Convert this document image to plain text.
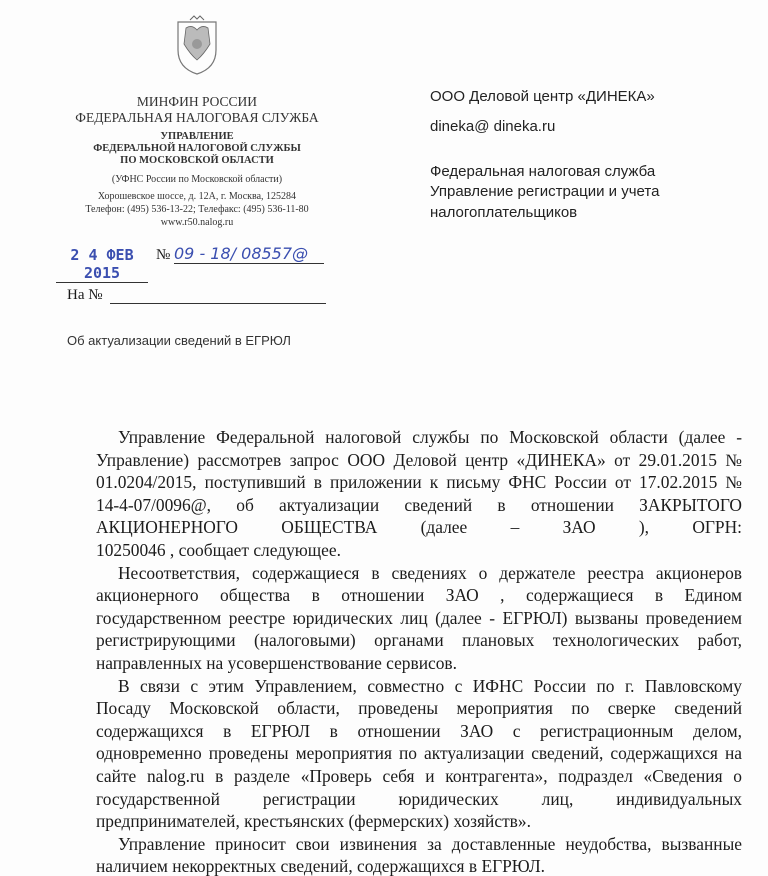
МИНФИН РОССИИ
ФЕДЕРАЛЬНАЯ НАЛОГОВАЯ СЛУЖБА
УПРАВЛЕНИЕ
ФЕДЕРАЛЬНОЙ НАЛОГОВОЙ СЛУЖБЫ
ПО МОСКОВСКОЙ ОБЛАСТИ
(УФНС России по Московской области)
Хорошевское шоссе, д. 12А, г. Москва, 125284
Телефон: (495) 536-13-22; Телефакс: (495) 536-11-80
www.r50.nalog.ru
2 4 ФЕВ 2015
№ 09 - 18/ 08557@
На №
Об актуализации сведений в ЕГРЮЛ
ООО Деловой центр «ДИНЕКА»
dineka@ dineka.ru
Федеральная налоговая служба
Управление регистрации и учета
налогоплательщиков
Управление Федеральной налоговой службы по Московской области (далее -
Управление) рассмотрев запрос ООО Деловой центр «ДИНЕКА» от 29.01.2015 №
01.0204/2015, поступивший в приложении к письму ФНС России от 17.02.2015 №
14-4-07/0096@, об актуализации сведений в отношении ЗАКРЫТОГО
АКЦИОНЕРНОГО ОБЩЕСТВА (далее – ЗАО ), ОГРН:
10250046 , сообщает следующее.
Несоответствия, содержащиеся в сведениях о держателе реестра акционеров
акционерного общества в отношении ЗАО , содержащиеся в Едином
государственном реестре юридических лиц (далее - ЕГРЮЛ) вызваны проведением
регистрирующими (налоговыми) органами плановых технологических работ,
направленных на усовершенствование сервисов.
В связи с этим Управлением, совместно с ИФНС России по г. Павловскому
Посаду Московской области, проведены мероприятия по сверке сведений
содержащихся в ЕГРЮЛ в отношении ЗАО с регистрационным делом,
одновременно проведены мероприятия по актуализации сведений, содержащихся на
сайте nalog.ru в разделе «Проверь себя и контрагента», подраздел «Сведения о
государственной регистрации юридических лиц, индивидуальных
предпринимателей, крестьянских (фермерских) хозяйств».
Управление приносит свои извинения за доставленные неудобства, вызванные
наличием некорректных сведений, содержащихся в ЕГРЮЛ.
